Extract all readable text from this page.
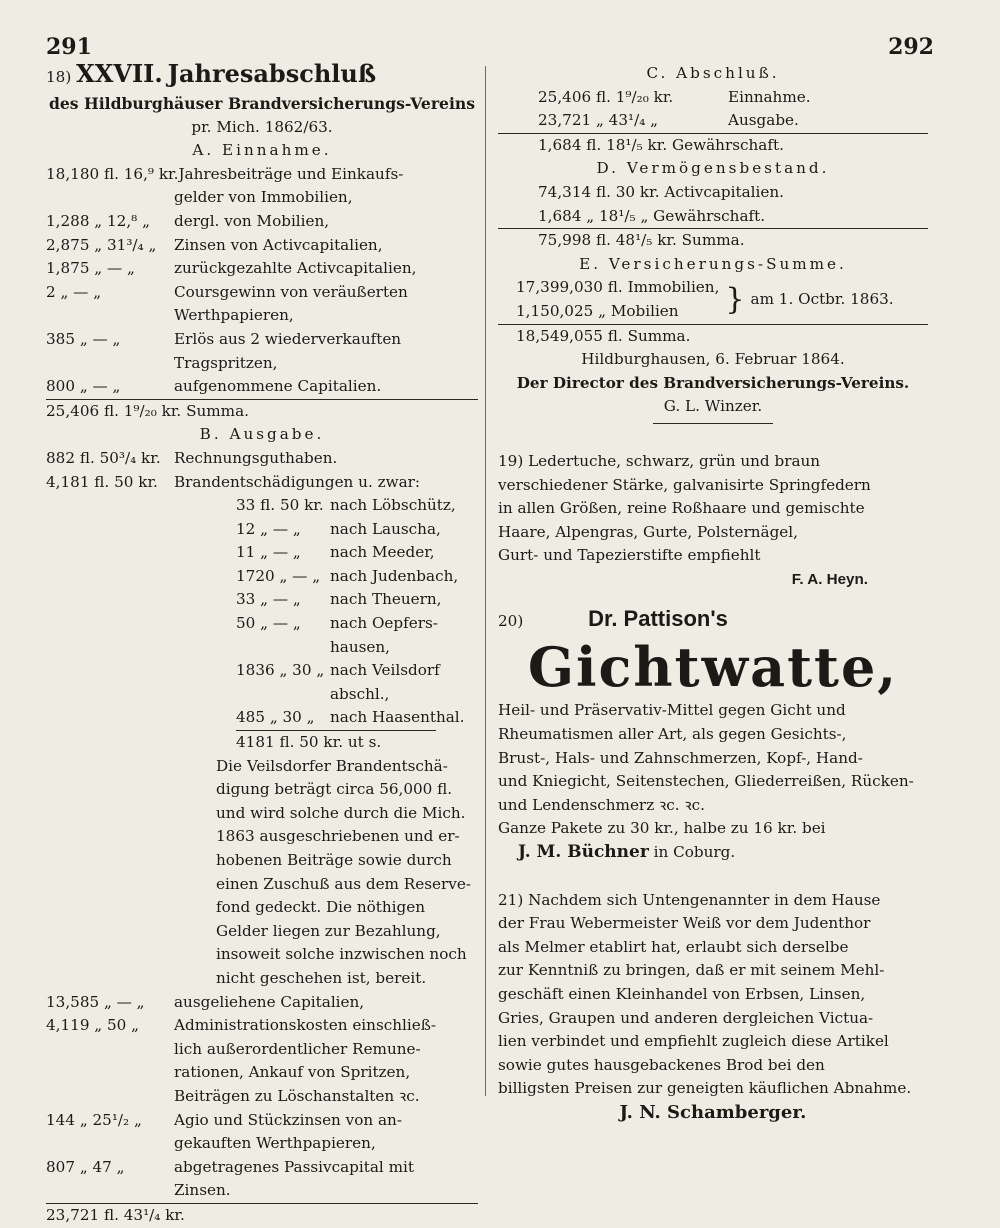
291	292
18) XXVII. Jahresabschluß
des Hildburghäuser Brandversicherungs-Vereins
pr. Mich. 1862/63.
A. Einnahme.
18,180 fl. 16,⁹ kr. Jahresbeiträge und Einkaufs-
gelder von Immobilien,
1,288 „ 12,⁸ „	dergl. von Mobilien,
2,875 „ 31³/₄ „	Zinsen von Activcapitalien,
1,875 „ — „	zurückgezahlte Activcapitalien,
2 „ — „	Coursgewinn von veräußerten
Werthpapieren,
385 „ — „	Erlös aus 2 wiederverkauften
Tragspritzen,
800 „ — „	aufgenommene Capitalien.
25,406 fl. 1⁹/₂₀ kr. Summa.
B. Ausgabe.
882 fl. 50³/₄ kr. Rechnungsguthaben.
4,181 fl. 50 kr.	Brandentschädigungen u. zwar:
33 fl. 50 kr. nach Löbschütz,
12 „ — „	nach Lauscha,
11 „ — „	nach Meeder,
1720 „ — „ nach Judenbach,
33 „ — „	nach Theuern,
50 „ — „	nach Oepfers-
hausen,
1836 „ 30 „ nach Veilsdorf
abschl.,
485 „ 30 „	nach Haasenthal.
4181 fl. 50 kr. ut s.
Die Veilsdorfer Brandentschä-
digung beträgt circa 56,000 fl.
und wird solche durch die Mich.
1863 ausgeschriebenen und er-
hobenen Beiträge sowie durch
einen Zuschuß aus dem Reserve-
fond gedeckt. Die nöthigen
Gelder liegen zur Bezahlung,
insoweit solche inzwischen noch
nicht geschehen ist, bereit.
13,585 „ — „	ausgeliehene Capitalien,
4,119 „ 50 „	Administrationskosten einschließ-
lich außerordentlicher Remune-
rationen, Ankauf von Spritzen,
Beiträgen zu Löschanstalten ꝛc.
144 „ 25¹/₂ „	Agio und Stückzinsen von an-
gekauften Werthpapieren,
807 „ 47 „	abgetragenes Passivcapital mit
Zinsen.
23,721 fl. 43¹/₄ kr.
C. Abschluß.
25,406 fl. 1⁹/₂₀ kr.	Einnahme.
23,721 „ 43¹/₄ „	Ausgabe.
1,684 fl. 18¹/₅ kr. Gewährschaft.
D. Vermögensbestand.
74,314 fl. 30 kr. Activcapitalien.
1,684 „ 18¹/₅ „ Gewährschaft.
75,998 fl. 48¹/₅ kr. Summa.
E. Versicherungs-Summe.
17,399,030 fl. Immobilien,
1,150,025 „ Mobilien	} am 1. Octbr. 1863.
18,549,055 fl. Summa.
Hildburghausen, 6. Februar 1864.
Der Director des Brandversicherungs-Vereins.
G. L. Winzer.
19) Ledertuche, schwarz, grün und braun
verschiedener Stärke, galvanisirte Springfedern
in allen Größen, reine Roßhaare und gemischte
Haare, Alpengras, Gurte, Polsternägel,
Gurt- und Tapezierstifte empfiehlt
F. A. Heyn.
20)	Dr. Pattison's
Gichtwatte,
Heil- und Präservativ-Mittel gegen Gicht und
Rheumatismen aller Art, als gegen Gesichts-,
Brust-, Hals- und Zahnschmerzen, Kopf-, Hand-
und Kniegicht, Seitenstechen, Gliederreißen, Rücken-
und Lendenschmerz ꝛc. ꝛc.
Ganze Pakete zu 30 kr., halbe zu 16 kr. bei
J. M. Büchner in Coburg.
21) Nachdem sich Untengenannter in dem Hause
der Frau Webermeister Weiß vor dem Judenthor
als Melmer etablirt hat, erlaubt sich derselbe
zur Kenntniß zu bringen, daß er mit seinem Mehl-
geschäft einen Kleinhandel von Erbsen, Linsen,
Gries, Graupen und anderen dergleichen Victua-
lien verbindet und empfiehlt zugleich diese Artikel
sowie gutes hausgebackenes Brod bei den
billigsten Preisen zur geneigten käuflichen Abnahme.
J. N. Schamberger.
